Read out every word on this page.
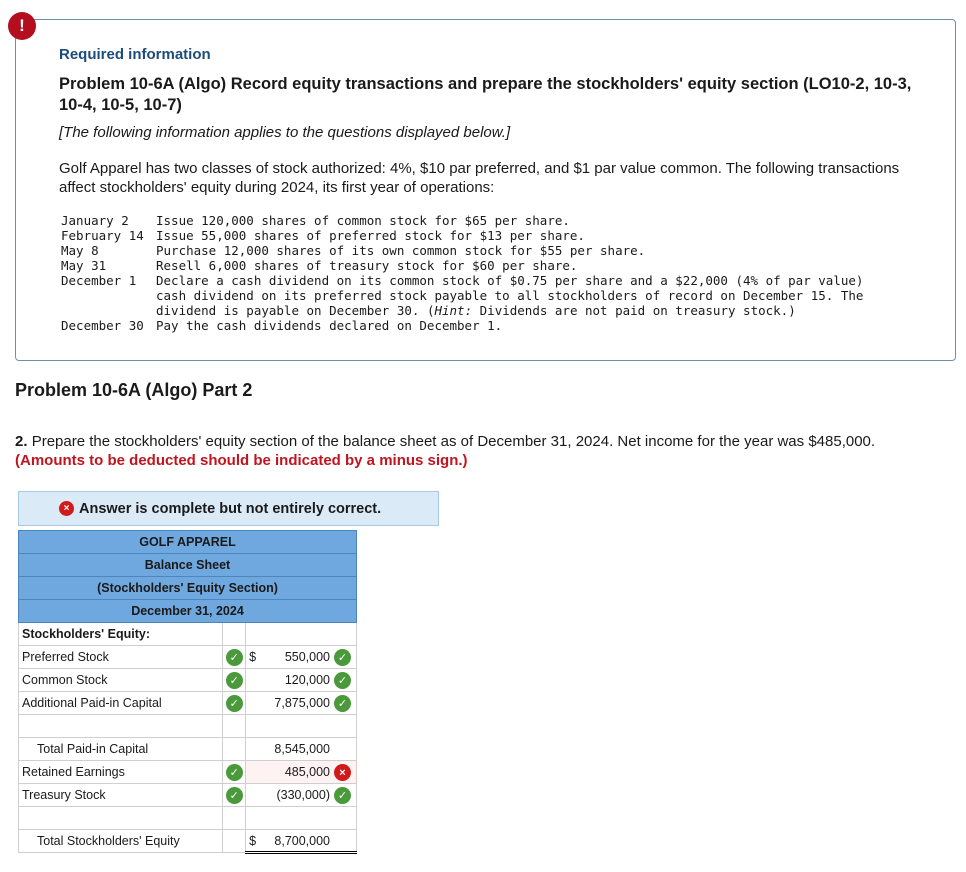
!
Required information
Problem 10-6A (Algo) Record equity transactions and prepare the stockholders' equity section (LO10-2, 10-3, 10-4, 10-5, 10-7)
[The following information applies to the questions displayed below.]
Golf Apparel has two classes of stock authorized: 4%, $10 par preferred, and $1 par value common. The following transactions affect stockholders' equity during 2024, its first year of operations:
January 2	Issue 120,000 shares of common stock for $65 per share.
February 14	Issue 55,000 shares of preferred stock for $13 per share.
May 8	Purchase 12,000 shares of its own common stock for $55 per share.
May 31	Resell 6,000 shares of treasury stock for $60 per share.
December 1	Declare a cash dividend on its common stock of $0.75 per share and a $22,000 (4% of par value) cash dividend on its preferred stock payable to all stockholders of record on December 15. The dividend is payable on December 30. (Hint: Dividends are not paid on treasury stock.)
December 30	Pay the cash dividends declared on December 1.
Problem 10-6A (Algo) Part 2
2. Prepare the stockholders' equity section of the balance sheet as of December 31, 2024. Net income for the year was $485,000.
(Amounts to be deducted should be indicated by a minus sign.)
× Answer is complete but not entirely correct.
GOLF APPAREL		
Balance Sheet		
(Stockholders' Equity Section)		
December 31, 2024		
Stockholders' Equity:		
Preferred Stock	✓	$ 550,000 ✓

Common Stock	✓	120,000 ✓

Additional Paid-in Capital	✓	7,875,000 ✓

Total Paid-in Capital		8,545,000
Retained Earnings	✓	485,000 ×

Treasury Stock	✓	(330,000) ✓

Total Stockholders' Equity		$ 8,700,000
